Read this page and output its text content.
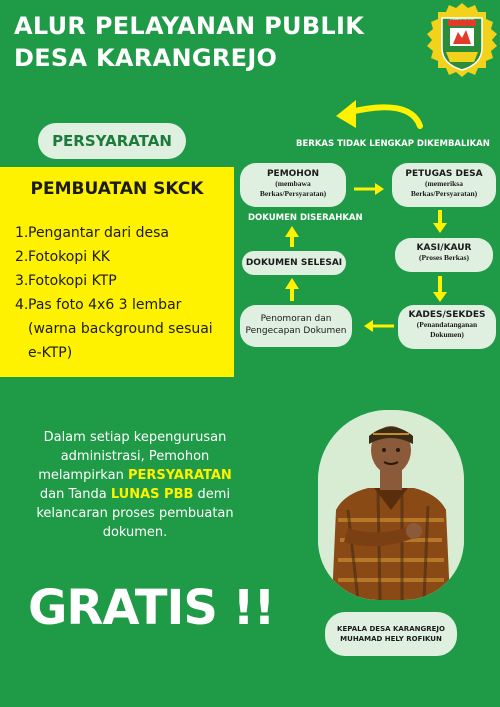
ALUR PELAYANAN PUBLIK
DESA KARANGREJO
KABUPATEN
PERSYARATAN
PEMBUATAN SKCK
1.Pengantar dari desa
2.Fotokopi KK
3.Fotokopi KTP
4.Pas foto 4x6 3 lembar
(warna background sesuai
e-KTP)
BERKAS TIDAK LENGKAP DIKEMBALIKAN
PEMOHON
(membawa
Berkas/Persyaratan)
PETUGAS DESA
(memeriksa
Berkas/Persyaratan)
DOKUMEN DISERAHKAN
KASI/KAUR
(Proses Berkas)
DOKUMEN SELESAI
Penomoran dan
Pengecapan Dokumen
KADES/SEKDES
(Penandatanganan
Dokumen)
Dalam setiap kepengurusan
administrasi, Pemohon
melampirkan PERSYARATAN
dan Tanda LUNAS PBB demi
kelancaran proses pembuatan
dokumen.
GRATIS !!	KEPALA DESA KARANGREJO
MUHAMAD HELY ROFIKUN
